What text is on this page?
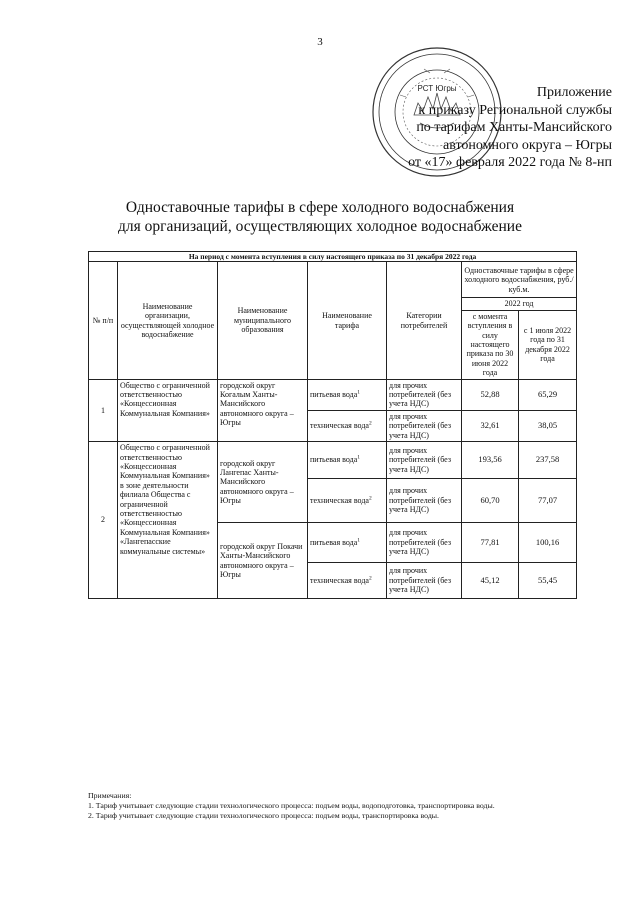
3
РСТ Югры	Приложение
к приказу Региональной службы
по тарифам Ханты-Мансийского
автономного округа – Югры
от «17» февраля 2022 года № 8-нп
Одноставочные тарифы в сфере холодного водоснабжения
для организаций, осуществляющих холодное водоснабжение
На период с момента вступления в силу настоящего приказа по 31 декабря 2022 года						
№ п/п	Наименование организации, осуществляющей холодное водоснабжение	Наименование муниципального образования	Наименование тарифа	Категории потребителей	Одноставочные тарифы в сфере холодного водоснабжения, руб./куб.м.	
					2022 год	
					с момента вступления в силу настоящего приказа по 30 июня 2022 года	с 1 июля 2022 года по 31 декабря 2022 года
1	Общество с ограниченной ответственностью «Концессионная Коммунальная Компания»	городской округ Когалым Ханты-Мансийского автономного округа – Югры	питьевая вода$^1$	для прочих потребителей (без учета НДС)	52,88	65,29
			техническая вода$^2$	для прочих потребителей (без учета НДС)	32,61	38,05
2	Общество с ограниченной ответственностью «Концессионная Коммунальная Компания» в зоне деятельности филиала Общества с ограниченной ответственностью «Концессионная Коммунальная Компания» «Лангепасские коммунальные системы»	городской округ Лангепас Ханты-Мансийского автономного округа – Югры	питьевая вода$^1$	для прочих потребителей (без учета НДС)	193,56	237,58
			техническая вода$^2$	для прочих потребителей (без учета НДС)	60,70	77,07
		городской округ Покачи Ханты-Мансийского автономного округа – Югры	питьевая вода$^1$	для прочих потребителей (без учета НДС)	77,81	100,16
			техническая вода$^2$	для прочих потребителей (без учета НДС)	45,12	55,45
Примечания:
1. Тариф учитывает следующие стадии технологического процесса: подъем воды, водоподготовка, транспортировка воды.
2. Тариф учитывает следующие стадии технологического процесса: подъем воды, транспортировка воды.
